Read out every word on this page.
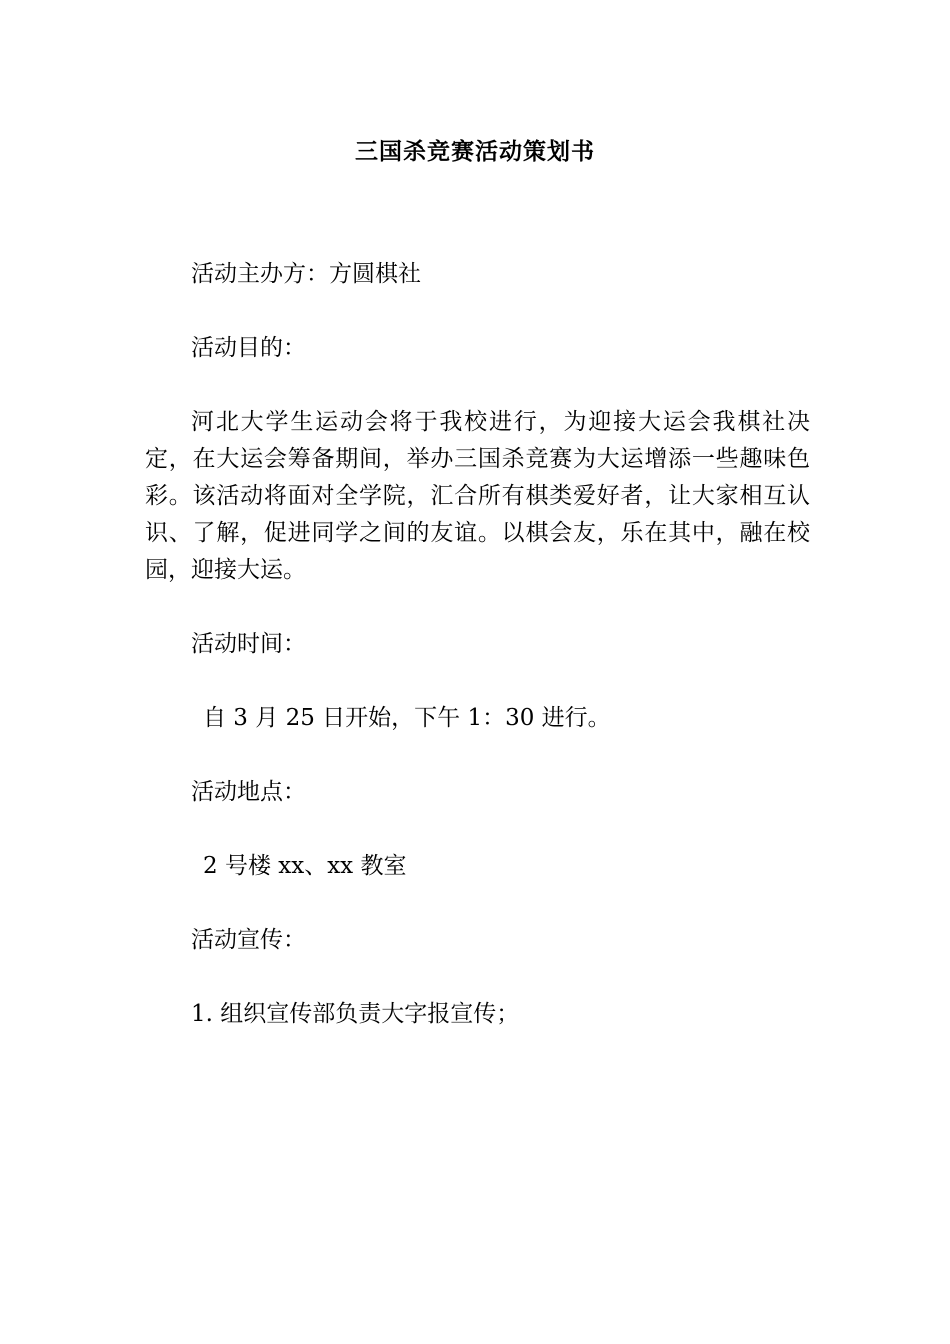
三国杀竞赛活动策划书

活动主办方：方圆棋社

活动目的：

河北大学生运动会将于我校进行，为迎接大运会我棋社决定，在大运会筹备期间，举办三国杀竞赛为大运增添一些趣味色彩。该活动将面对全学院，汇合所有棋类爱好者，让大家相互认识、了解，促进同学之间的友谊。以棋会友，乐在其中，融在校园，迎接大运。

活动时间：

自 3 月 25 日开始，下午 1：30 进行。

活动地点：

2 号楼 xx、xx 教室

活动宣传：

1. 组织宣传部负责大字报宣传；
